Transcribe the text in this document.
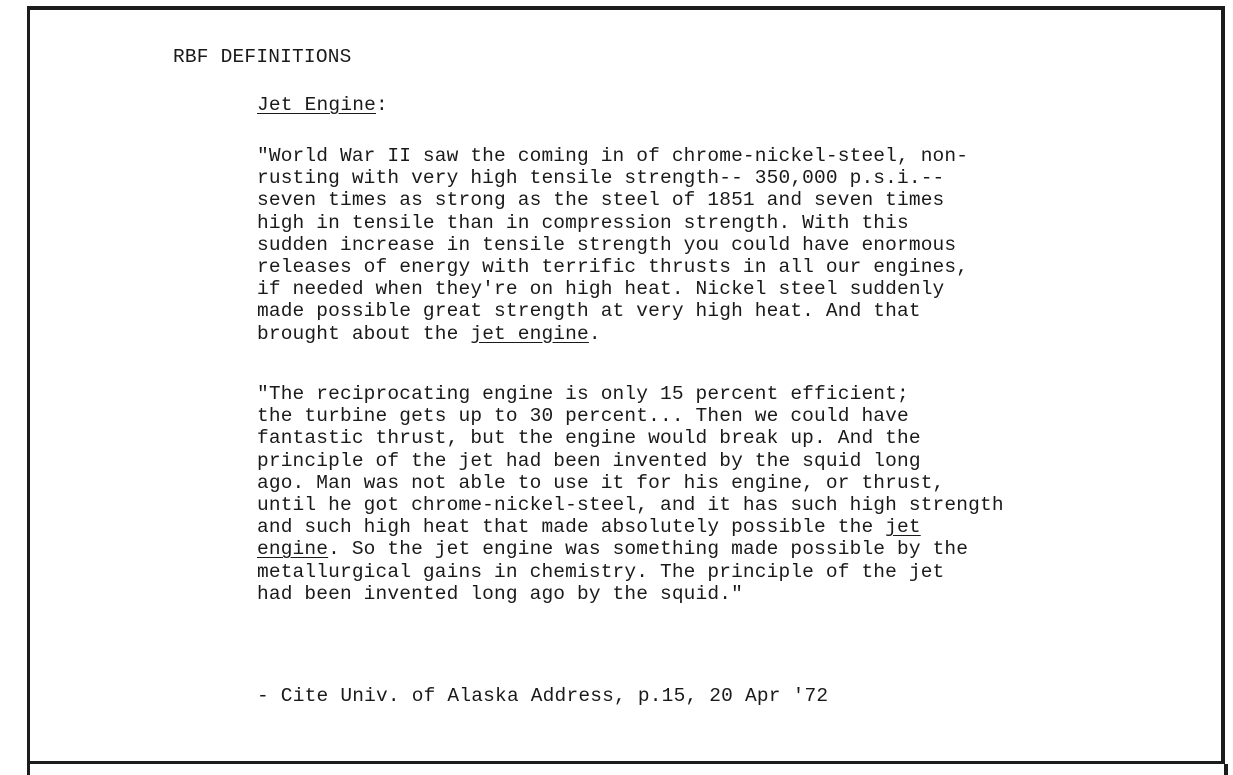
RBF DEFINITIONS
Jet Engine:
"World War II saw the coming in of chrome-nickel-steel, non-
rusting with very high tensile strength-- 350,000 p.s.i.--
seven times as strong as the steel of 1851 and seven times
high in tensile than in compression strength. With this
sudden increase in tensile strength you could have enormous
releases of energy with terrific thrusts in all our engines,
if needed when they're on high heat. Nickel steel suddenly
made possible great strength at very high heat. And that
brought about the jet engine.
"The reciprocating engine is only 15 percent efficient;
the turbine gets up to 30 percent... Then we could have
fantastic thrust, but the engine would break up. And the
principle of the jet had been invented by the squid long
ago. Man was not able to use it for his engine, or thrust,
until he got chrome-nickel-steel, and it has such high strength
and such high heat that made absolutely possible the jet
engine. So the jet engine was something made possible by the
metallurgical gains in chemistry. The principle of the jet
had been invented long ago by the squid."
- Cite Univ. of Alaska Address, p.15, 20 Apr '72
